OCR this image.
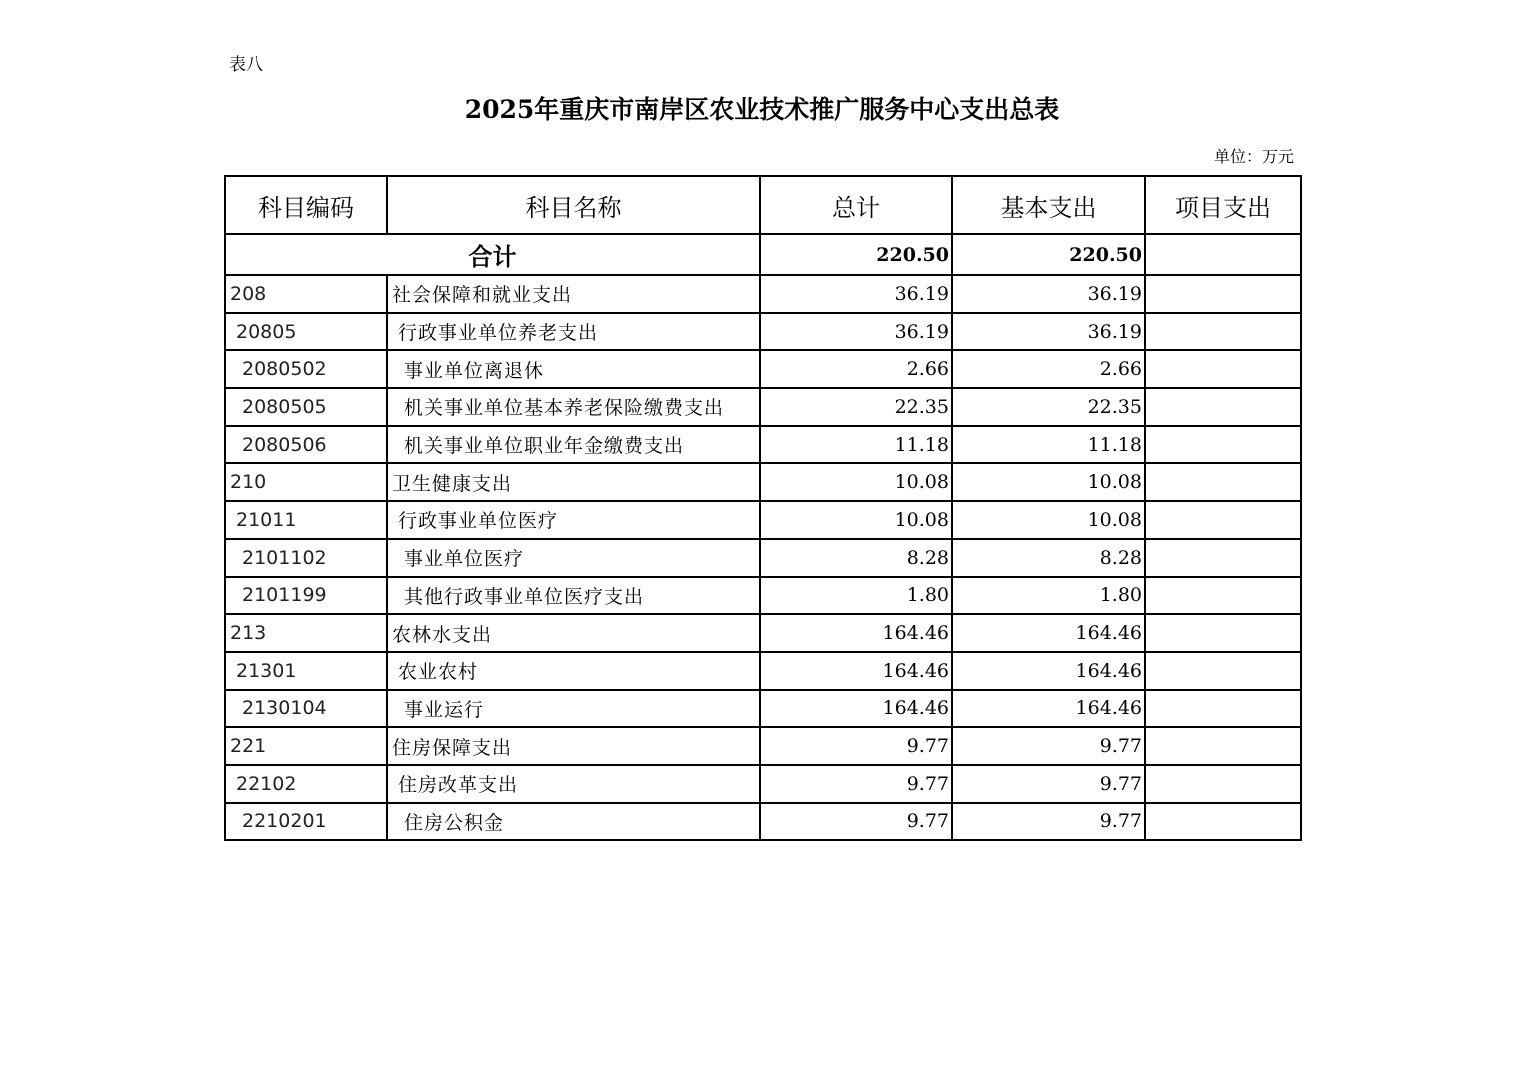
表八
2025年重庆市南岸区农业技术推广服务中心支出总表
单位：万元
科目编码	科目名称	总计	基本支出	项目支出
合计		220.50	220.50	
208	社会保障和就业支出	36.19	36.19	
20805	行政事业单位养老支出	36.19	36.19	
2080502	事业单位离退休	2.66	2.66	
2080505	机关事业单位基本养老保险缴费支出	22.35	22.35	
2080506	机关事业单位职业年金缴费支出	11.18	11.18	
210	卫生健康支出	10.08	10.08	
21011	行政事业单位医疗	10.08	10.08	
2101102	事业单位医疗	8.28	8.28	
2101199	其他行政事业单位医疗支出	1.80	1.80	
213	农林水支出	164.46	164.46	
21301	农业农村	164.46	164.46	
2130104	事业运行	164.46	164.46	
221	住房保障支出	9.77	9.77	
22102	住房改革支出	9.77	9.77	
2210201	住房公积金	9.77	9.77	
